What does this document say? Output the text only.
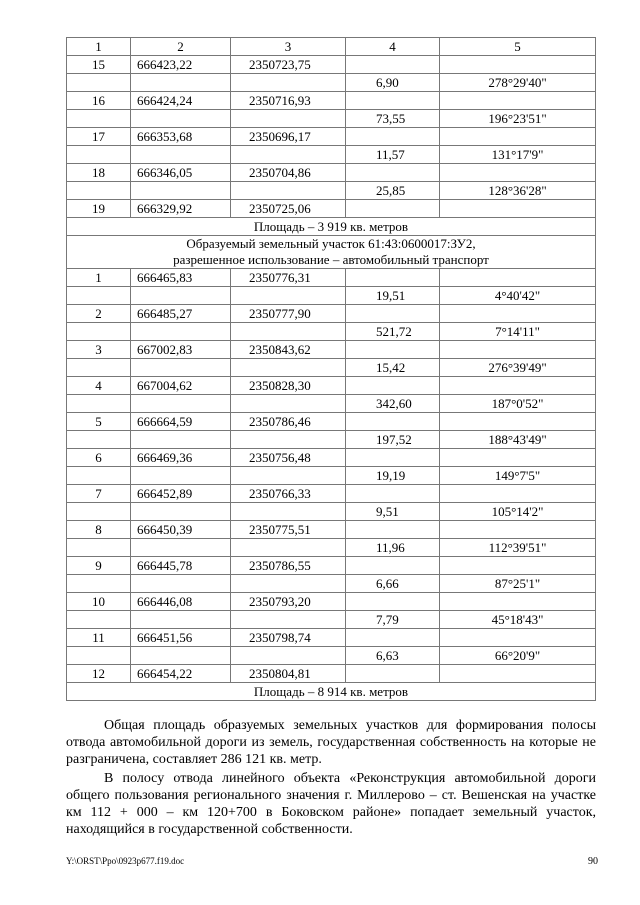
1	2	3	4	5
15	666423,22	2350723,75		
			6,90	278°29'40"
16	666424,24	2350716,93		
			73,55	196°23'51"
17	666353,68	2350696,17		
			11,57	131°17'9"
18	666346,05	2350704,86		
			25,85	128°36'28"
19	666329,92	2350725,06		

Площадь – 3 919 кв. метров				

Образуемый земельный участок 61:43:0600017:ЗУ2,
разрешенное использование – автомобильный транспорт				

1	666465,83	2350776,31		
			19,51	4°40'42"
2	666485,27	2350777,90		
			521,72	7°14'11"
3	667002,83	2350843,62		
			15,42	276°39'49"
4	667004,62	2350828,30		
			342,60	187°0'52"
5	666664,59	2350786,46		
			197,52	188°43'49"
6	666469,36	2350756,48		
			19,19	149°7'5"
7	666452,89	2350766,33		
			9,51	105°14'2"
8	666450,39	2350775,51		
			11,96	112°39'51"
9	666445,78	2350786,55		
			6,66	87°25'1"
10	666446,08	2350793,20		
			7,79	45°18'43"
11	666451,56	2350798,74		
			6,63	66°20'9"
12	666454,22	2350804,81		

Площадь – 8 914 кв. метров				

Общая площадь образуемых земельных участков для формирования полосы отвода автомобильной дороги из земель, государственная собственность на которые не разграничена, составляет 286 121 кв. метр.

В полосу отвода линейного объекта «Реконструкция автомобильной дороги общего пользования регионального значения г. Миллерово – ст. Вешенская на участке км 112 + 000 – км 120+700 в Боковском районе» попадает земельный участок, находящийся в государственной собственности.

Y:\ORST\Ppo\0923p677.f19.doc	90
